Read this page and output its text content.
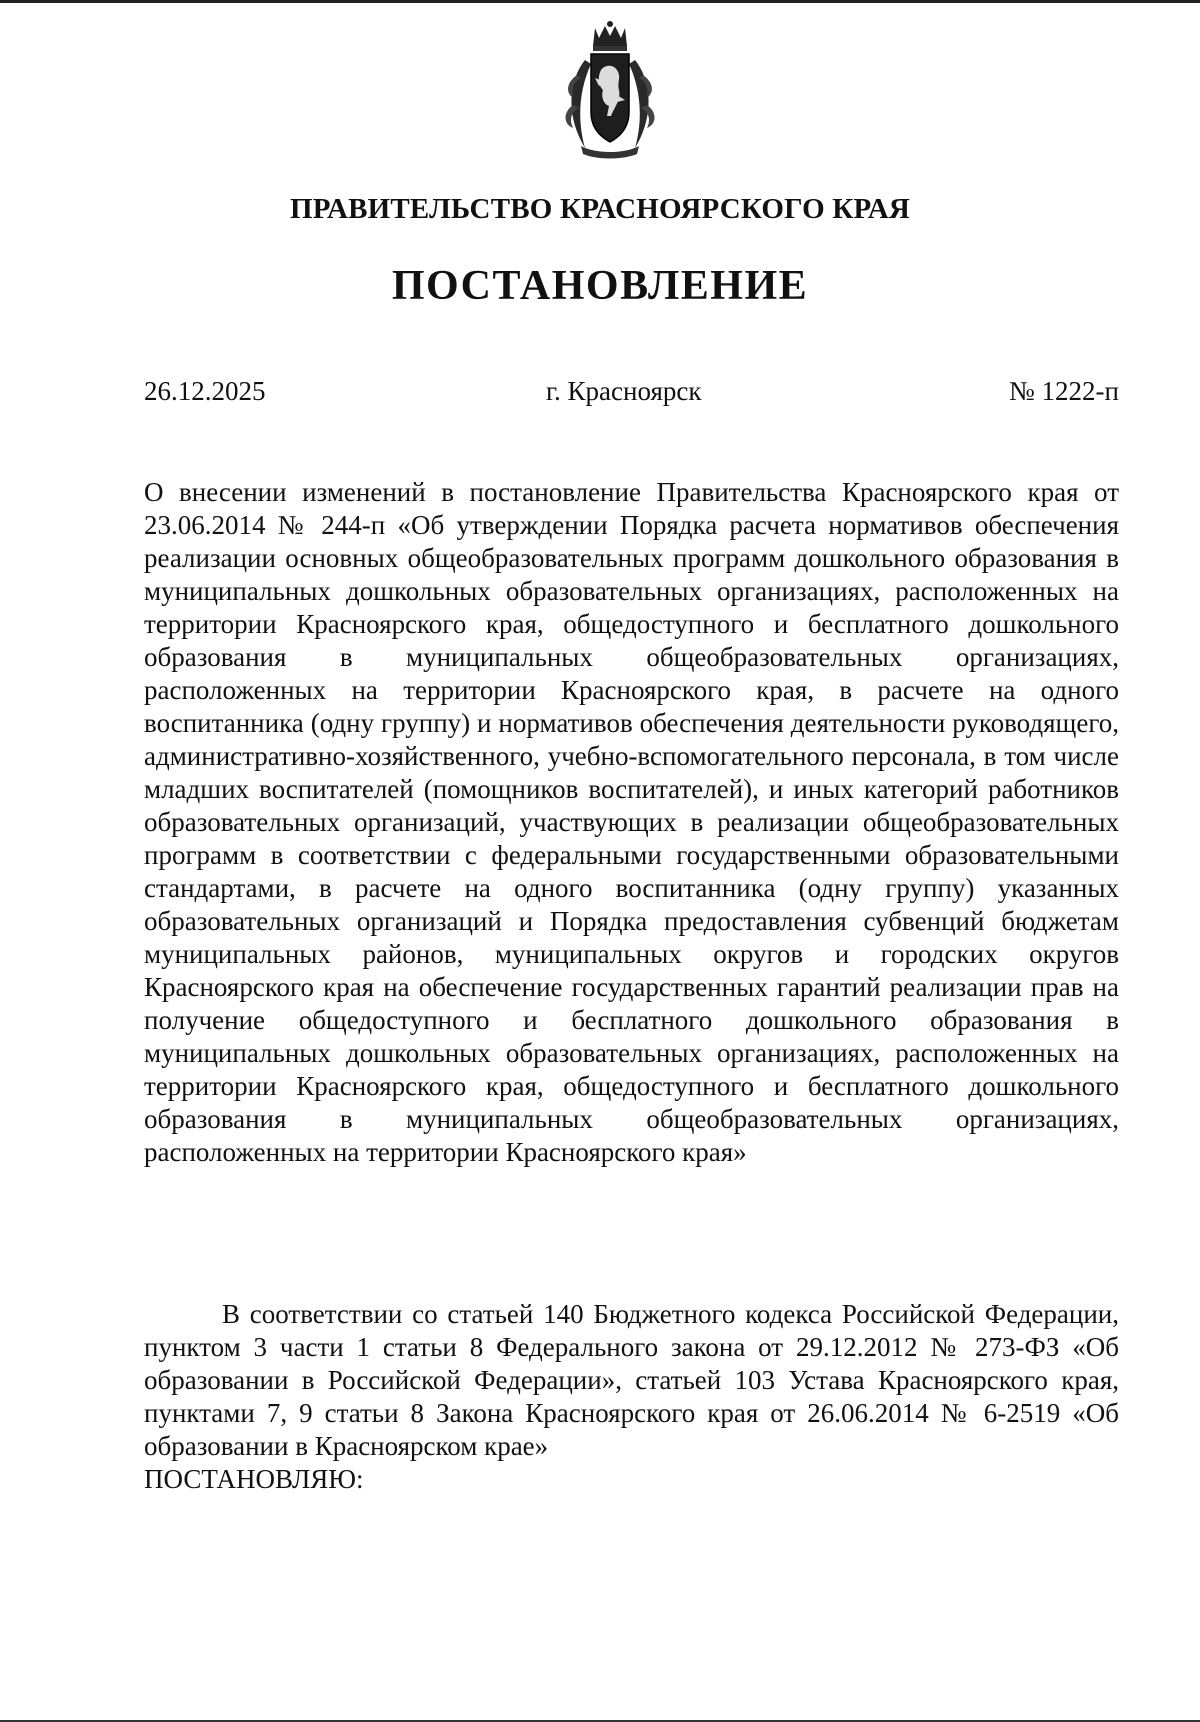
ПРАВИТЕЛЬСТВО КРАСНОЯРСКОГО КРАЯ
ПОСТАНОВЛЕНИЕ
26.12.2025	г. Красноярск	№ 1222-п
О внесении изменений в постановление Правительства Красноярского края от 23.06.2014 № 244-п «Об утверждении Порядка расчета нормативов обеспечения реализации основных общеобразовательных программ дошкольного образования в муниципальных дошкольных образовательных организациях, расположенных на территории Красноярского края, общедоступного и бесплатного дошкольного образования в муниципальных общеобразовательных организациях, расположенных на территории Красноярского края, в расчете на одного воспитанника (одну группу) и нормативов обеспечения деятельности руководящего, административно-хозяйственного, учебно-вспомогательного персонала, в том числе младших воспитателей (помощников воспитателей), и иных категорий работников образовательных организаций, участвующих в реализации общеобразовательных программ в соответствии с федеральными государственными образовательными стандартами, в расчете на одного воспитанника (одну группу) указанных образовательных организаций и Порядка предоставления субвенций бюджетам муниципальных районов, муниципальных округов и городских округов Красноярского края на обеспечение государственных гарантий реализации прав на получение общедоступного и бесплатного дошкольного образования в муниципальных дошкольных образовательных организациях, расположенных на территории Красноярского края, общедоступного и бесплатного дошкольного образования в муниципальных общеобразовательных организациях, расположенных на территории Красноярского края»
В соответствии со статьей 140 Бюджетного кодекса Российской Федерации, пунктом 3 части 1 статьи 8 Федерального закона от 29.12.2012 № 273-ФЗ «Об образовании в Российской Федерации», статьей 103 Устава Красноярского края, пунктами 7, 9 статьи 8 Закона Красноярского края от 26.06.2014 № 6-2519 «Об образовании в Красноярском крае»
ПОСТАНОВЛЯЮ:
